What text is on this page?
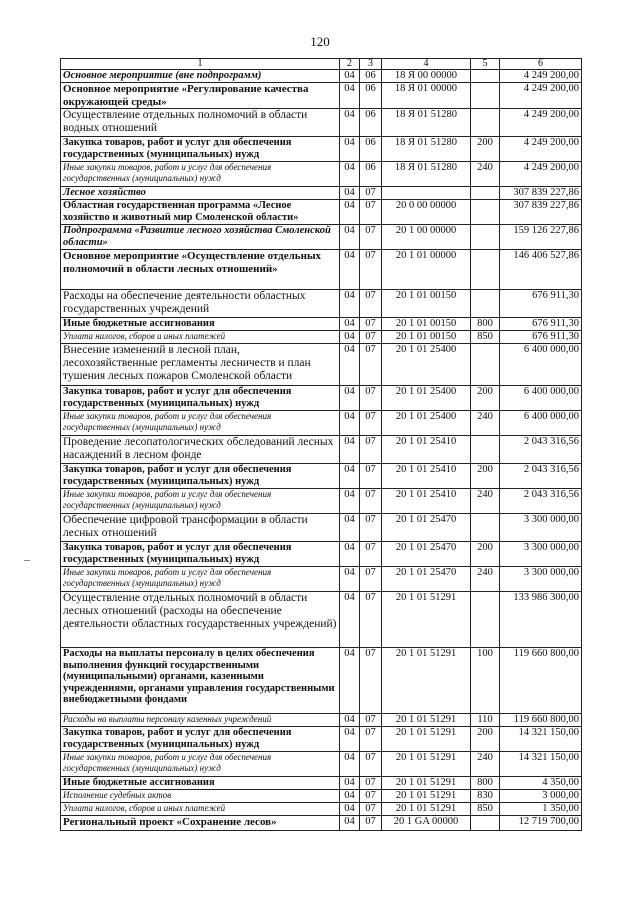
120
1	2	3	4	5	6
Основное мероприятие (вне подпрограмм)	04	06	18 Я 00 00000		4 249 200,00
Основное мероприятие «Регулирование качества окружающей среды»	04	06	18 Я 01 00000		4 249 200,00
Осуществление отдельных полномочий в области водных отношений	04	06	18 Я 01 51280		4 249 200,00
Закупка товаров, работ и услуг для обеспечения государственных (муниципальных) нужд	04	06	18 Я 01 51280	200	4 249 200,00
Иные закупки товаров, работ и услуг для обеспечения государственных (муниципальных) нужд	04	06	18 Я 01 51280	240	4 249 200,00
Лесное хозяйство	04	07			307 839 227,86
Областная государственная программа «Лесное хозяйство и животный мир Смоленской области»	04	07	20 0 00 00000		307 839 227,86
Подпрограмма «Развитие лесного хозяйства Смоленской области»	04	07	20 1 00 00000		159 126 227,86
Основное мероприятие «Осуществление отдельных полномочий в области лесных отношений»	04	07	20 1 01 00000		146 406 527,86
Расходы на обеспечение деятельности областных государственных учреждений	04	07	20 1 01 00150		676 911,30
Иные бюджетные ассигнования	04	07	20 1 01 00150	800	676 911,30
Уплата налогов, сборов и иных платежей	04	07	20 1 01 00150	850	676 911,30
Внесение изменений в лесной план, лесохозяйственные регламенты лесничеств и план тушения лесных пожаров Смоленской области	04	07	20 1 01 25400		6 400 000,00
Закупка товаров, работ и услуг для обеспечения государственных (муниципальных) нужд	04	07	20 1 01 25400	200	6 400 000,00
Иные закупки товаров, работ и услуг для обеспечения государственных (муниципальных) нужд	04	07	20 1 01 25400	240	6 400 000,00
Проведение лесопатологических обследований лесных насаждений в лесном фонде	04	07	20 1 01 25410		2 043 316,56
Закупка товаров, работ и услуг для обеспечения государственных (муниципальных) нужд	04	07	20 1 01 25410	200	2 043 316,56
Иные закупки товаров, работ и услуг для обеспечения государственных (муниципальных) нужд	04	07	20 1 01 25410	240	2 043 316,56
Обеспечение цифровой трансформации в области лесных отношений	04	07	20 1 01 25470		3 300 000,00
Закупка товаров, работ и услуг для обеспечения государственных (муниципальных) нужд	04	07	20 1 01 25470	200	3 300 000,00
Иные закупки товаров, работ и услуг для обеспечения государственных (муниципальных) нужд	04	07	20 1 01 25470	240	3 300 000,00
Осуществление отдельных полномочий в области лесных отношений (расходы на обеспечение деятельности областных государственных учреждений)	04	07	20 1 01 51291		133 986 300,00
Расходы на выплаты персоналу в целях обеспечения выполнения функций государственными (муниципальными) органами, казенными учреждениями, органами управления государственными внебюджетными фондами	04	07	20 1 01 51291	100	119 660 800,00
Расходы на выплаты персоналу казенных учреждений	04	07	20 1 01 51291	110	119 660 800,00
Закупка товаров, работ и услуг для обеспечения государственных (муниципальных) нужд	04	07	20 1 01 51291	200	14 321 150,00
Иные закупки товаров, работ и услуг для обеспечения государственных (муниципальных) нужд	04	07	20 1 01 51291	240	14 321 150,00
Иные бюджетные ассигнования	04	07	20 1 01 51291	800	4 350,00
Исполнение судебных актов	04	07	20 1 01 51291	830	3 000,00
Уплата налогов, сборов и иных платежей	04	07	20 1 01 51291	850	1 350,00
Региональный проект «Сохранение лесов»	04	07	20 1 GA 00000		12 719 700,00
